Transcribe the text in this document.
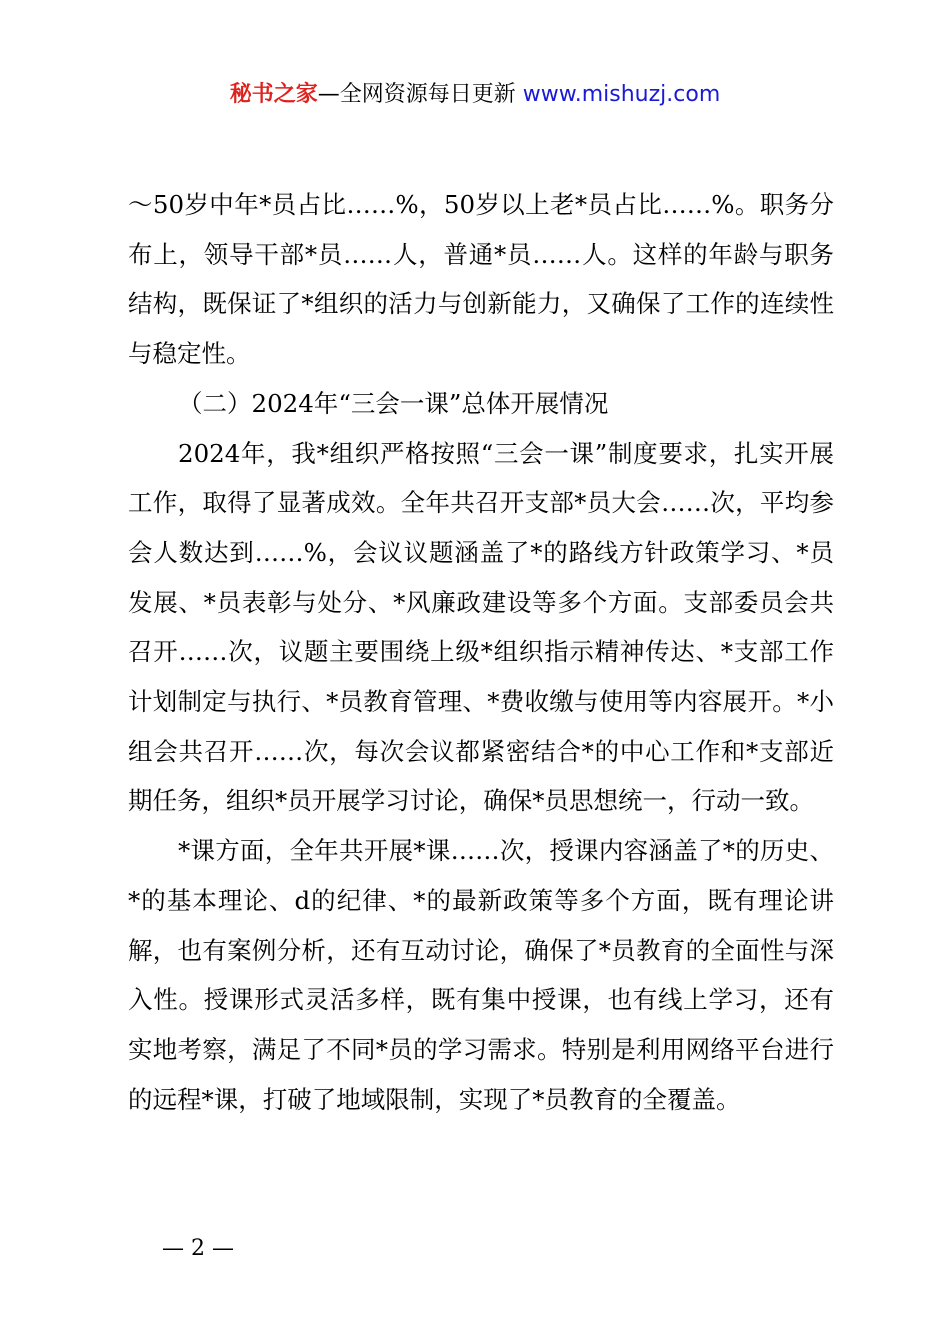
秘书之家—全网资源每日更新 www.mishuzj.com

～50岁中年*员占比……%，50岁以上老*员占比……%。职务分布上，领导干部*员……人，普通*员……人。这样的年龄与职务结构，既保证了*组织的活力与创新能力，又确保了工作的连续性与稳定性。

（二）2024年“三会一课”总体开展情况

2024年，我*组织严格按照“三会一课”制度要求，扎实开展工作，取得了显著成效。全年共召开支部*员大会……次，平均参会人数达到……%，会议议题涵盖了*的路线方针政策学习、*员发展、*员表彰与处分、*风廉政建设等多个方面。支部委员会共召开……次，议题主要围绕上级*组织指示精神传达、*支部工作计划制定与执行、*员教育管理、*费收缴与使用等内容展开。*小组会共召开……次，每次会议都紧密结合*的中心工作和*支部近期任务，组织*员开展学习讨论，确保*员思想统一，行动一致。

*课方面，全年共开展*课……次，授课内容涵盖了*的历史、*的基本理论、d的纪律、*的最新政策等多个方面，既有理论讲解，也有案例分析，还有互动讨论，确保了*员教育的全面性与深入性。授课形式灵活多样，既有集中授课，也有线上学习，还有实地考察，满足了不同*员的学习需求。特别是利用网络平台进行的远程*课，打破了地域限制，实现了*员教育的全覆盖。

— 2 —
